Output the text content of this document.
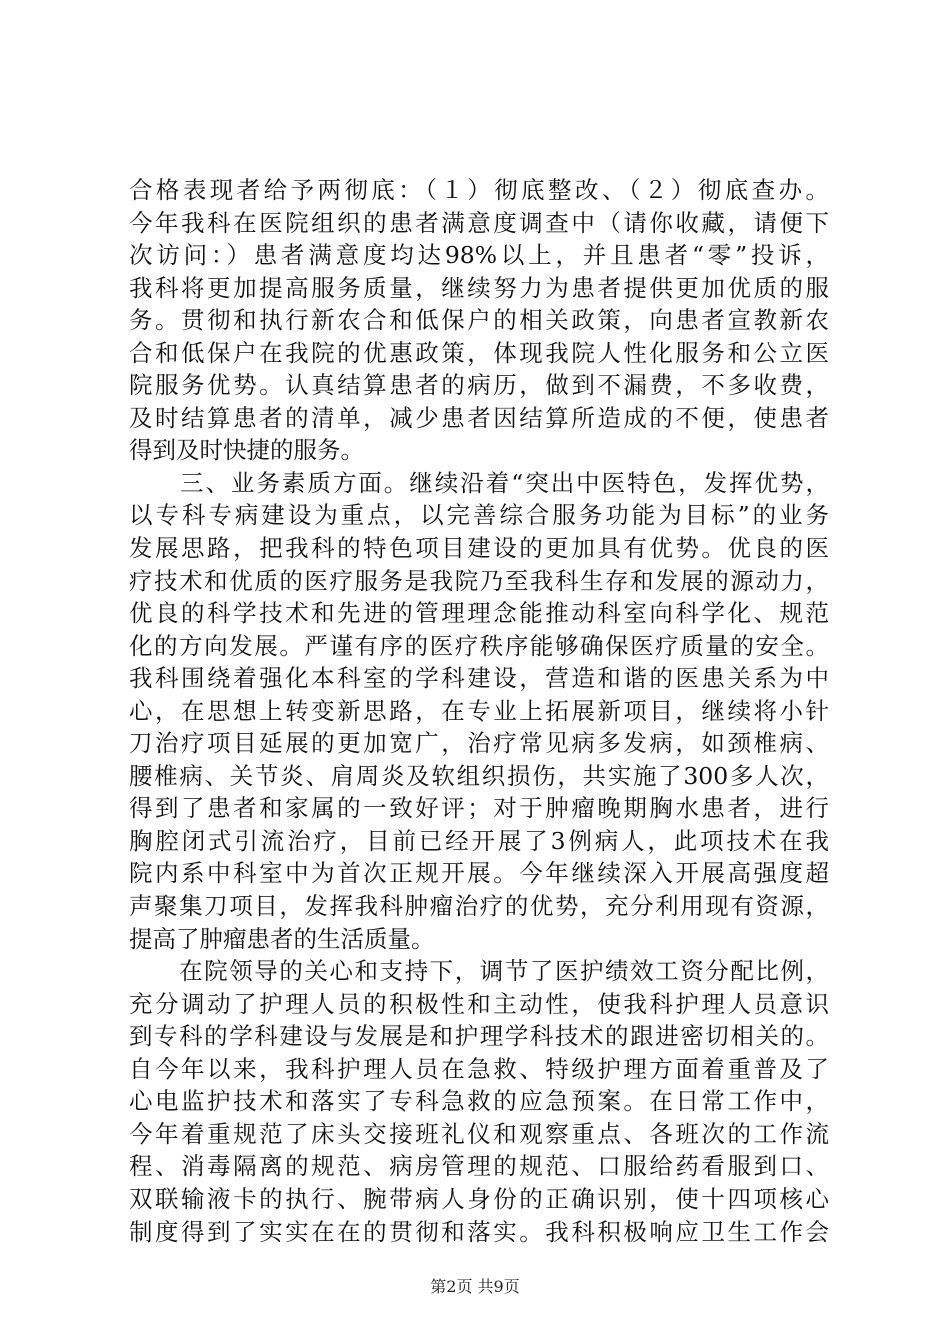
合格表现者给予两彻底：（１）彻底整改、（２）彻底查办。
今年我科在医院组织的患者满意度调查中（请你收藏，请便下
次访问：）患者满意度均达98%以上，并且患者“零”投诉，
我科将更加提高服务质量，继续努力为患者提供更加优质的服
务。贯彻和执行新农合和低保户的相关政策，向患者宣教新农
合和低保户在我院的优惠政策，体现我院人性化服务和公立医
院服务优势。认真结算患者的病历，做到不漏费，不多收费，
及时结算患者的清单，减少患者因结算所造成的不便，使患者
得到及时快捷的服务。
　　三、业务素质方面。继续沿着“突出中医特色，发挥优势，
以专科专病建设为重点，以完善综合服务功能为目标”的业务
发展思路，把我科的特色项目建设的更加具有优势。优良的医
疗技术和优质的医疗服务是我院乃至我科生存和发展的源动力，
优良的科学技术和先进的管理理念能推动科室向科学化、规范
化的方向发展。严谨有序的医疗秩序能够确保医疗质量的安全。
我科围绕着强化本科室的学科建设，营造和谐的医患关系为中
心，在思想上转变新思路，在专业上拓展新项目，继续将小针
刀治疗项目延展的更加宽广，治疗常见病多发病，如颈椎病、
腰椎病、关节炎、肩周炎及软组织损伤，共实施了300多人次，
得到了患者和家属的一致好评；对于肿瘤晚期胸水患者，进行
胸腔闭式引流治疗，目前已经开展了3例病人，此项技术在我
院内系中科室中为首次正规开展。今年继续深入开展高强度超
声聚集刀项目，发挥我科肿瘤治疗的优势，充分利用现有资源，
提高了肿瘤患者的生活质量。
　　在院领导的关心和支持下，调节了医护绩效工资分配比例，
充分调动了护理人员的积极性和主动性，使我科护理人员意识
到专科的学科建设与发展是和护理学科技术的跟进密切相关的。
自今年以来，我科护理人员在急救、特级护理方面着重普及了
心电监护技术和落实了专科急救的应急预案。在日常工作中，
今年着重规范了床头交接班礼仪和观察重点、各班次的工作流
程、消毒隔离的规范、病房管理的规范、口服给药看服到口、
双联输液卡的执行、腕带病人身份的正确识别，使十四项核心
制度得到了实实在在的贯彻和落实。我科积极响应卫生工作会
第2页 共9页
